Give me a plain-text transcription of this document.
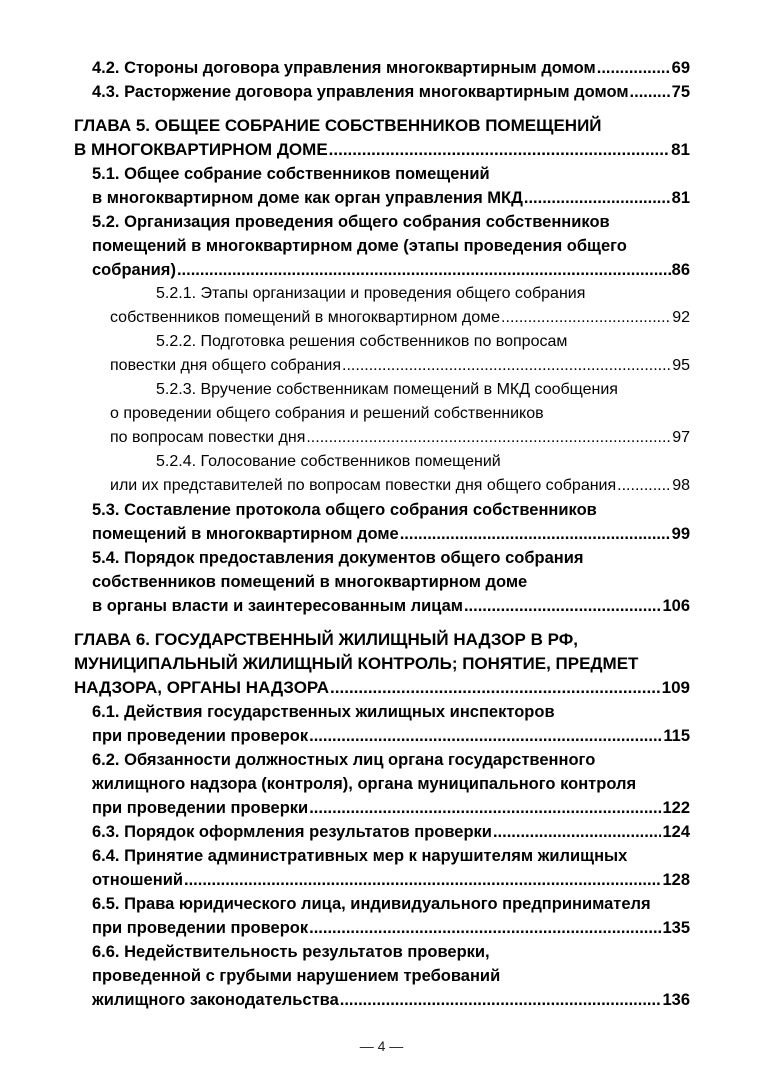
4.2. Стороны договора управления многоквартирным домом .....	69
4.3. Расторжение договора управления многоквартирным домом .....	75
ГЛАВА 5. ОБЩЕЕ СОБРАНИЕ СОБСТВЕННИКОВ ПОМЕЩЕНИЙ
В МНОГОКВАРТИРНОМ ДОМЕ .....	81
5.1. Общее собрание собственников помещений
в многоквартирном доме как орган управления МКД .....	81
5.2. Организация проведения общего собрания собственников
помещений в многоквартирном доме (этапы проведения общего
собрания) .....	86
5.2.1. Этапы организации и проведения общего собрания
собственников помещений в многоквартирном доме .....	92
5.2.2. Подготовка решения собственников по вопросам
повестки дня общего собрания .....	95
5.2.3. Вручение собственникам помещений в МКД сообщения
о проведении общего собрания и решений собственников
по вопросам повестки дня .....	97
5.2.4. Голосование собственников помещений
или их представителей по вопросам повестки дня общего собрания .....	98
5.3. Составление протокола общего собрания собственников
помещений в многоквартирном доме .....	99
5.4. Порядок предоставления документов общего собрания
собственников помещений в многоквартирном доме
в органы власти и заинтересованным лицам .....	106
ГЛАВА 6. ГОСУДАРСТВЕННЫЙ ЖИЛИЩНЫЙ НАДЗОР В РФ,
МУНИЦИПАЛЬНЫЙ ЖИЛИЩНЫЙ КОНТРОЛЬ; ПОНЯТИЕ, ПРЕДМЕТ
НАДЗОРА, ОРГАНЫ НАДЗОРА .....	109
6.1. Действия государственных жилищных инспекторов
при проведении проверок .....	115
6.2. Обязанности должностных лиц органа государственного
жилищного надзора (контроля), органа муниципального контроля
при проведении проверки .....	122
6.3. Порядок оформления результатов проверки .....	124
6.4. Принятие административных мер к нарушителям жилищных
отношений .....	128
6.5. Права юридического лица, индивидуального предпринимателя
при проведении проверок .....	135
6.6. Недействительность результатов проверки,
проведенной с грубыми нарушением требований
жилищного законодательства .....	136
— 4 —
